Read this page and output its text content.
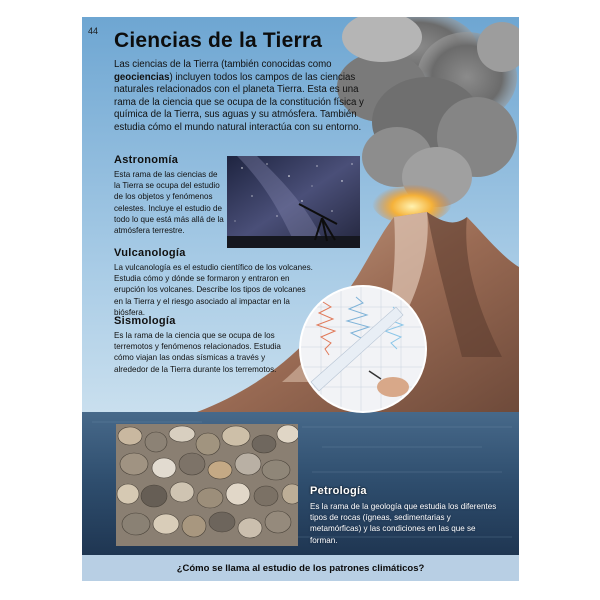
44 Ciencias de la Tierra
Las ciencias de la Tierra (también conocidas como geociencias) incluyen todos los campos de las ciencias naturales relacionados con el planeta Tierra. Esta es una rama de la ciencia que se ocupa de la constitución física y química de la Tierra, sus aguas y su atmósfera. También estudia cómo el mundo natural interactúa con su entorno.
Astronomía
Esta rama de las ciencias de la Tierra se ocupa del estudio de los objetos y fenómenos celestes. Incluye el estudio de todo lo que está más allá de la atmósfera terrestre.
Vulcanología
La vulcanología es el estudio científico de los volcanes. Estudia cómo y dónde se formaron y entraron en erupción los volcanes. Describe los tipos de volcanes en la Tierra y el riesgo asociado al impactar en la biósfera.
Sismología
Es la rama de la ciencia que se ocupa de los terremotos y fenómenos relacionados. Estudia cómo viajan las ondas sísmicas a través y alrededor de la Tierra durante los terremotos.
Petrología
Es la rama de la geología que estudia los diferentes tipos de rocas (ígneas, sedimentarias y metamórficas) y las condiciones en las que se forman.
¿Cómo se llama al estudio de los patrones climáticos?
